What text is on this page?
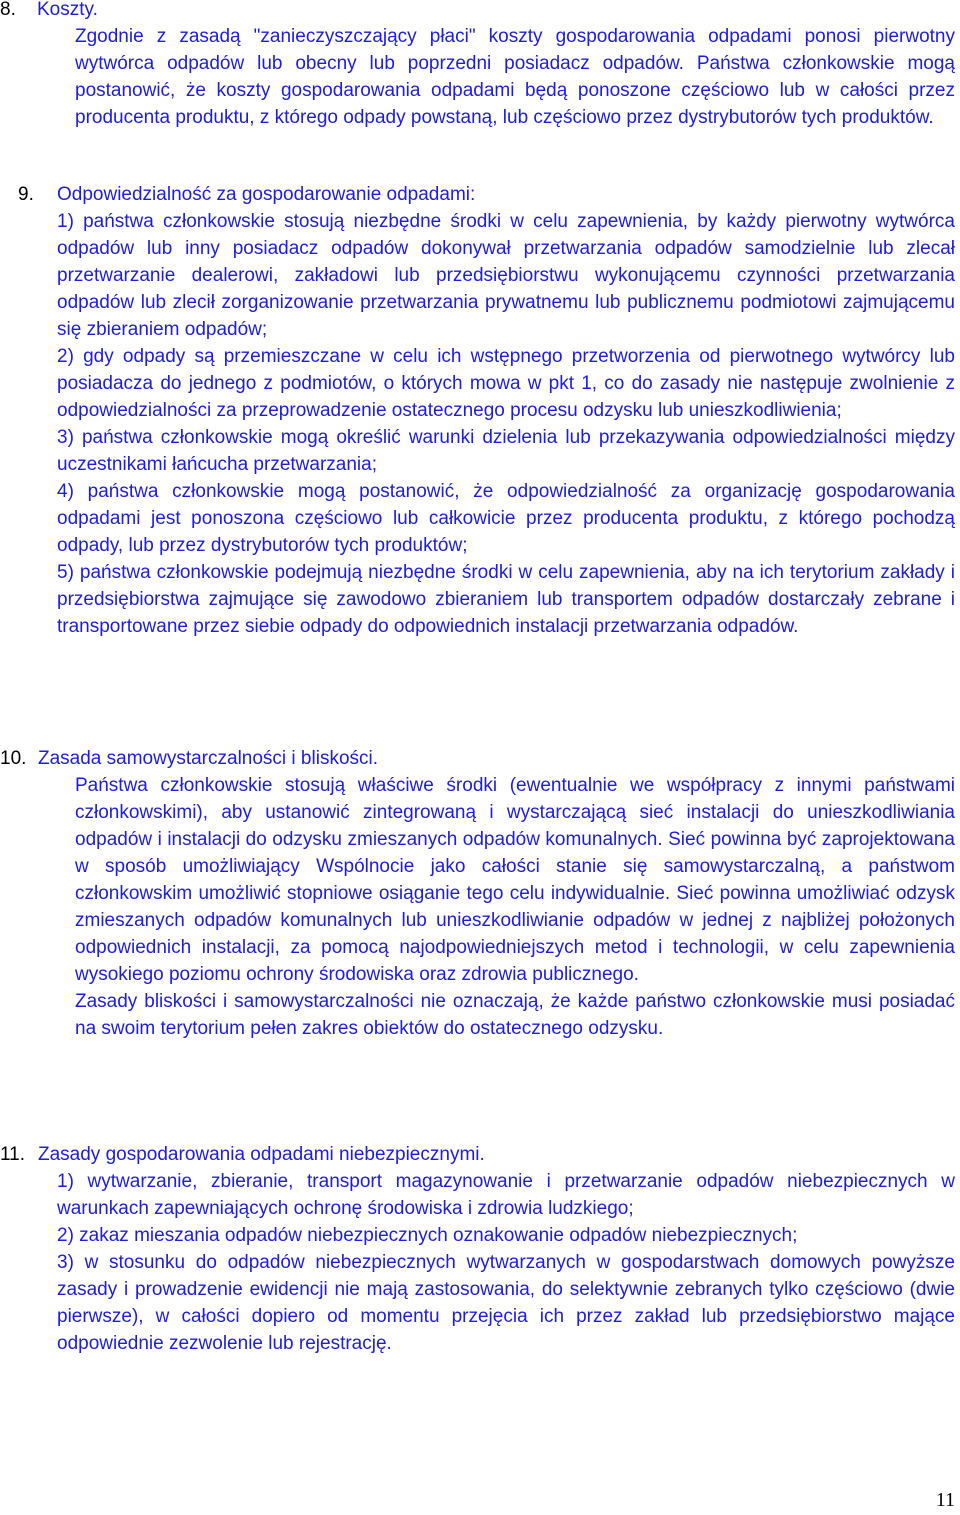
8.	Koszty.

Zgodnie z zasadą "zanieczyszczający płaci" koszty gospodarowania odpadami ponosi pierwotny wytwórca odpadów lub obecny lub poprzedni posiadacz odpadów. Państwa członkowskie mogą postanowić, że koszty gospodarowania odpadami będą ponoszone częściowo lub w całości przez producenta produktu, z którego odpady powstaną, lub częściowo przez dystrybutorów tych produktów.

9.	Odpowiedzialność za gospodarowanie odpadami:
1) państwa członkowskie stosują niezbędne środki w celu zapewnienia, by każdy pierwotny wytwórca odpadów lub inny posiadacz odpadów dokonywał przetwarzania odpadów samodzielnie lub zlecał przetwarzanie dealerowi, zakładowi lub przedsiębiorstwu wykonującemu czynności przetwarzania odpadów lub zlecił zorganizowanie przetwarzania prywatnemu lub publicznemu podmiotowi zajmującemu się zbieraniem odpadów;
2) gdy odpady są przemieszczane w celu ich wstępnego przetworzenia od pierwotnego wytwórcy lub posiadacza do jednego z podmiotów, o których mowa w pkt 1, co do zasady nie następuje zwolnienie z odpowiedzialności za przeprowadzenie ostatecznego procesu odzysku lub unieszkodliwienia;
3) państwa członkowskie mogą określić warunki dzielenia lub przekazywania odpowiedzialności między uczestnikami łańcucha przetwarzania;
4) państwa członkowskie mogą postanowić, że odpowiedzialność za organizację gospodarowania odpadami jest ponoszona częściowo lub całkowicie przez producenta produktu, z którego pochodzą odpady, lub przez dystrybutorów tych produktów;
5) państwa członkowskie podejmują niezbędne środki w celu zapewnienia, aby na ich terytorium zakłady i przedsiębiorstwa zajmujące się zawodowo zbieraniem lub transportem odpadów dostarczały zebrane i transportowane przez siebie odpady do odpowiednich instalacji przetwarzania odpadów.
10. Zasada samowystarczalności i bliskości.
Państwa członkowskie stosują właściwe środki (ewentualnie we współpracy z innymi państwami członkowskimi), aby ustanowić zintegrowaną i wystarczającą sieć instalacji do unieszkodliwiania odpadów i instalacji do odzysku zmieszanych odpadów komunalnych. Sieć powinna być zaprojektowana w sposób umożliwiający Wspólnocie jako całości stanie się samowystarczalną, a państwom członkowskim umożliwić stopniowe osiąganie tego celu indywidualnie. Sieć powinna umożliwiać odzysk zmieszanych odpadów komunalnych lub unieszkodliwianie odpadów w jednej z najbliżej położonych odpowiednich instalacji, za pomocą najodpowiedniejszych metod i technologii, w celu zapewnienia wysokiego poziomu ochrony środowiska oraz zdrowia publicznego.
Zasady bliskości i samowystarczalności nie oznaczają, że każde państwo członkowskie musi posiadać na swoim terytorium pełen zakres obiektów do ostatecznego odzysku.
11. Zasady gospodarowania odpadami niebezpiecznymi.
1) wytwarzanie, zbieranie, transport magazynowanie i przetwarzanie odpadów niebezpiecznych w warunkach zapewniających ochronę środowiska i zdrowia ludzkiego;
2) zakaz mieszania odpadów niebezpiecznych oznakowanie odpadów niebezpiecznych;
3) w stosunku do odpadów niebezpiecznych wytwarzanych w gospodarstwach domowych powyższe zasady i prowadzenie ewidencji nie mają zastosowania, do selektywnie zebranych tylko częściowo (dwie pierwsze), w całości dopiero od momentu przejęcia ich przez zakład lub przedsiębiorstwo mające odpowiednie zezwolenie lub rejestrację.
11
